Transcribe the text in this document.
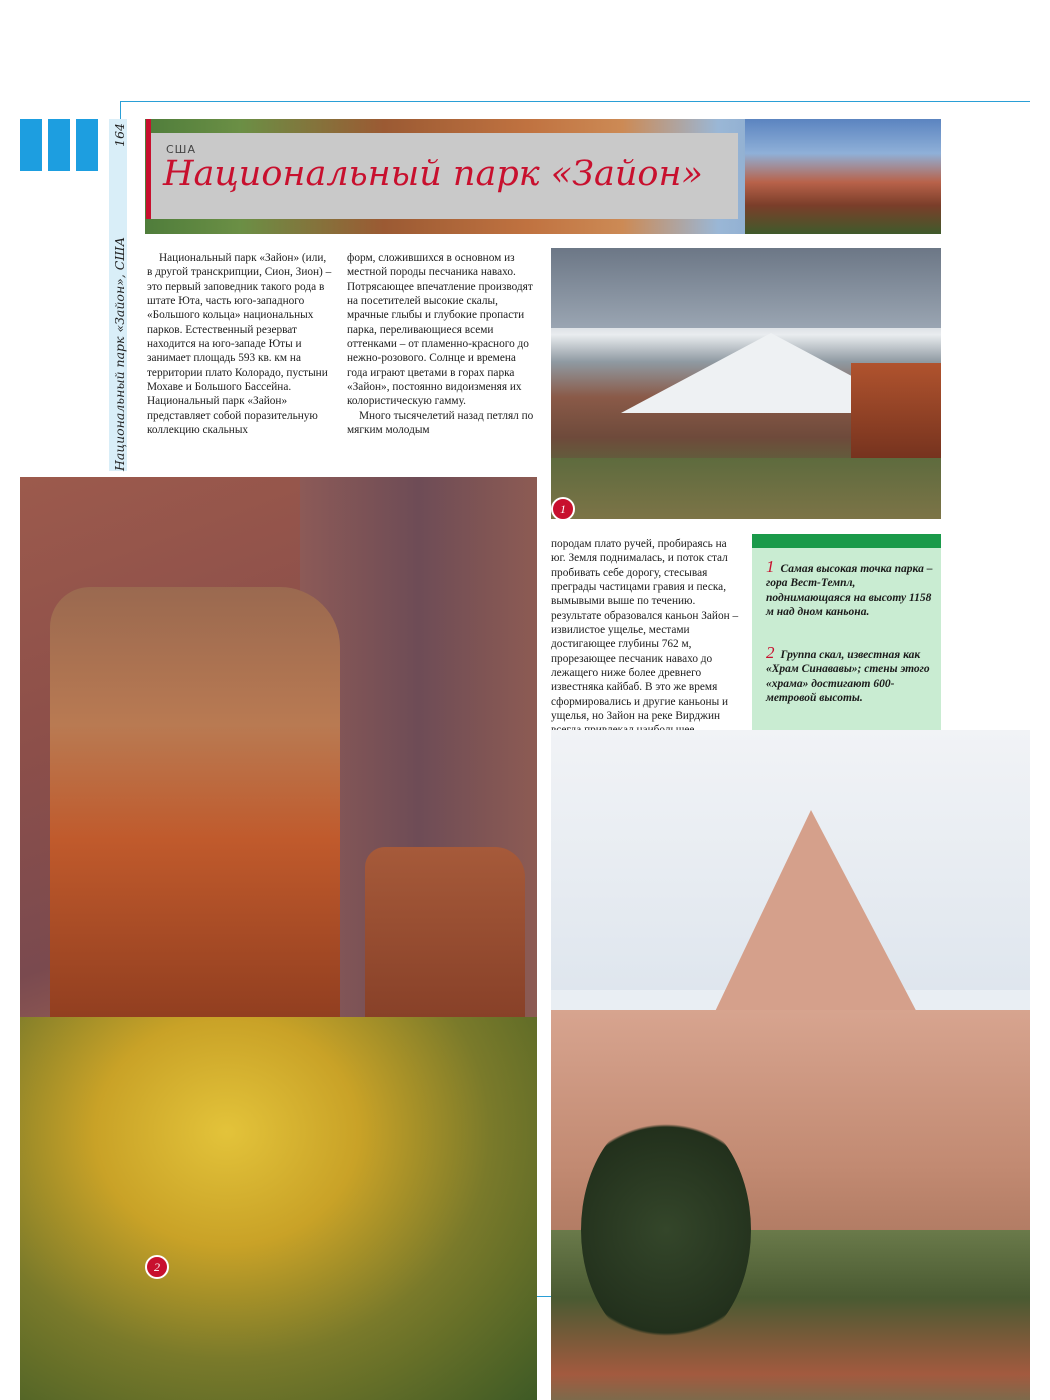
Национальный парк «Зайон», США
164
США
Национальный парк «Зайон»

Национальный парк «Зайон» (или, в другой транскрипции, Сион, Зион) – это первый заповедник такого рода в штате Юта, часть юго-западного «Большого кольца» национальных парков. Естественный резерват находится на юго-западе Юты и занимает площадь 593 кв. км на территории плато Колорадо, пустыни Мохаве и Большого Бассейна. Национальный парк «Зайон» представляет собой поразительную коллекцию скальных

форм, сложившихся в основном из местной породы песчаника навахо. Потрясающее впечатление производят на посетителей высокие скалы, мрачные глыбы и глубокие пропасти парка, переливающиеся всеми оттенками – от пламенно-красного до нежно-розового. Солнце и времена года играют цветами в горах парка «Зайон», постоянно видоизменяя их колористическую гамму.

Много тысячелетий назад петлял по мягким молодым

породам плато ручей, пробираясь на юг. Земля поднималась, и поток стал пробивать себе дорогу, стесывая преграды частицами гравия и песка, вымывыми выше по течению. результате образовался каньон Зайон – извилистое ущелье, местами достигающее глубины 762 м, прорезающее песчаник навахо до лежащего ниже более древнего известняка кайбаб. В это же время сформировались и другие каньоны и ущелья, но Зайон на реке Вирджин

1
2
1 Самая высокая точка парка – гора Вест-Темпл, поднимающаяся на высоту 1158 м над дном каньона.
2 Группа скал, известная как «Храм Синававы»; стены этого «храма» достигают 600-метровой высоты.
